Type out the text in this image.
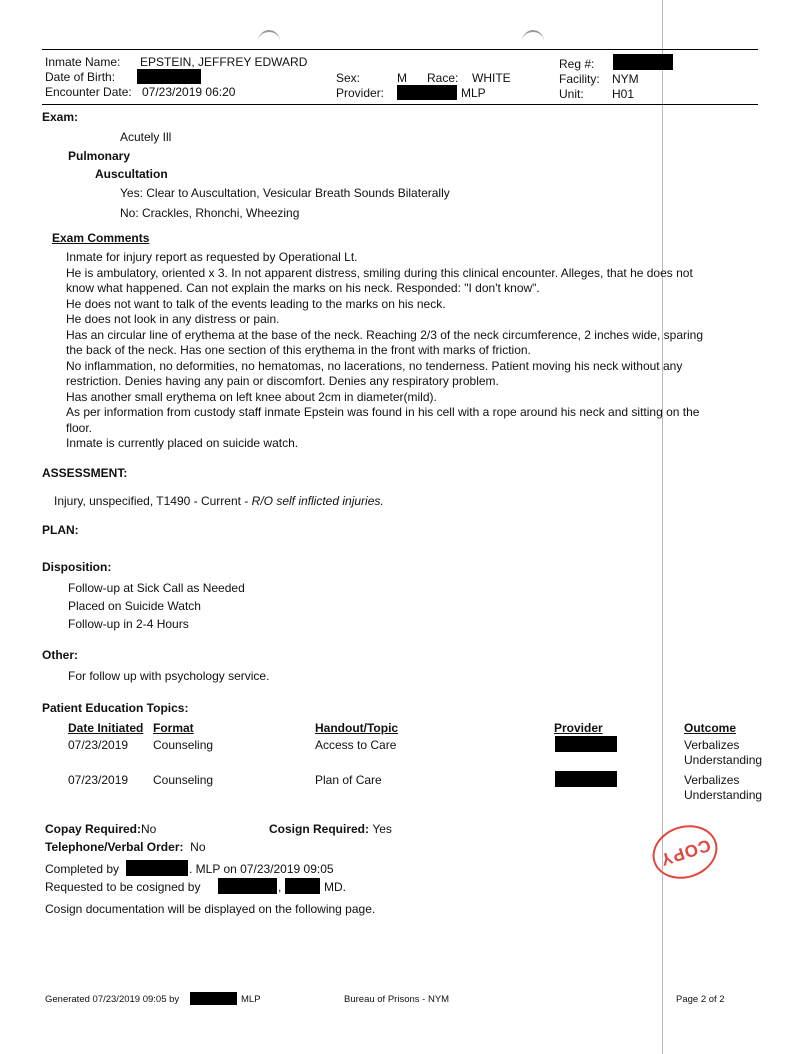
Inmate Name: EPSTEIN, JEFFREY EDWARD
Date of Birth:
Encounter Date: 07/23/2019 06:20
Sex:	M Race: WHITE
Provider:	MLP
Reg #:
Facility: NYM
Unit: H01
Exam:
Acutely Ill
Pulmonary
Auscultation
Yes: Clear to Auscultation, Vesicular Breath Sounds Bilaterally
No: Crackles, Rhonchi, Wheezing
Exam Comments
Inmate for injury report as requested by Operational Lt.
He is ambulatory, oriented x 3. In not apparent distress, smiling during this clinical encounter. Alleges, that he does not
know what happened. Can not explain the marks on his neck. Responded: "I don't know".
He does not want to talk of the events leading to the marks on his neck.
He does not look in any distress or pain.
Has an circular line of erythema at the base of the neck. Reaching 2/3 of the neck circumference, 2 inches wide, sparing
the back of the neck. Has one section of this erythema in the front with marks of friction.
No inflammation, no deformities, no hematomas, no lacerations, no tenderness. Patient moving his neck without any
restriction. Denies having any pain or discomfort. Denies any respiratory problem.
Has another small erythema on left knee about 2cm in diameter(mild).
As per information from custody staff inmate Epstein was found in his cell with a rope around his neck and sitting on the
floor.
Inmate is currently placed on suicide watch.
ASSESSMENT:
Injury, unspecified, T1490 - Current - R/O self inflicted injuries.
PLAN:
Disposition:
Follow-up at Sick Call as Needed
Placed on Suicide Watch
Follow-up in 2-4 Hours
Other:
For follow up with psychology service.
Patient Education Topics:
Date Initiated Format	Handout/Topic	Provider	Outcome
07/23/2019 Counseling	Access to Care	Verbalizes
Understanding
07/23/2019 Counseling	Plan of Care	Verbalizes
Understanding
Copay Required:No	Cosign Required: Yes
Telephone/Verbal Order: No
Completed by	. MLP on 07/23/2019 09:05
Requested to be cosigned by	,	MD.
Cosign documentation will be displayed on the following page.
COPY
Generated 07/23/2019 09:05 by	MLP	Bureau of Prisons - NYM	Page 2 of 2
